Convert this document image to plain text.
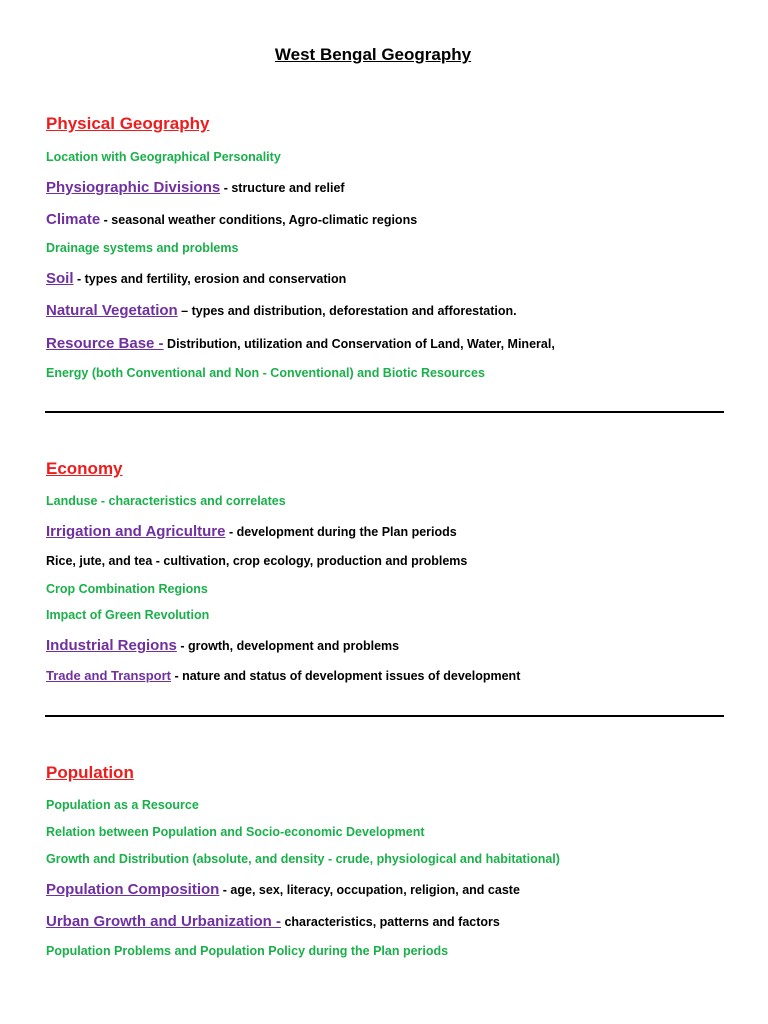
West Bengal Geography
Physical Geography
Location with Geographical Personality
Physiographic Divisions - structure and relief
Climate - seasonal weather conditions, Agro-climatic regions
Drainage systems and problems
Soil - types and fertility, erosion and conservation
Natural Vegetation – types and distribution, deforestation and afforestation.
Resource Base - Distribution, utilization and Conservation of Land, Water, Mineral,
Energy (both Conventional and Non - Conventional) and Biotic Resources
Economy
Landuse - characteristics and correlates
Irrigation and Agriculture - development during the Plan periods
Rice, jute, and tea - cultivation, crop ecology, production and problems
Crop Combination Regions
Impact of Green Revolution
Industrial Regions - growth, development and problems
Trade and Transport - nature and status of development issues of development
Population
Population as a Resource
Relation between Population and Socio-economic Development
Growth and Distribution (absolute, and density - crude, physiological and habitational)
Population Composition - age, sex, literacy, occupation, religion, and caste
Urban Growth and Urbanization - characteristics, patterns and factors
Population Problems and Population Policy during the Plan periods
